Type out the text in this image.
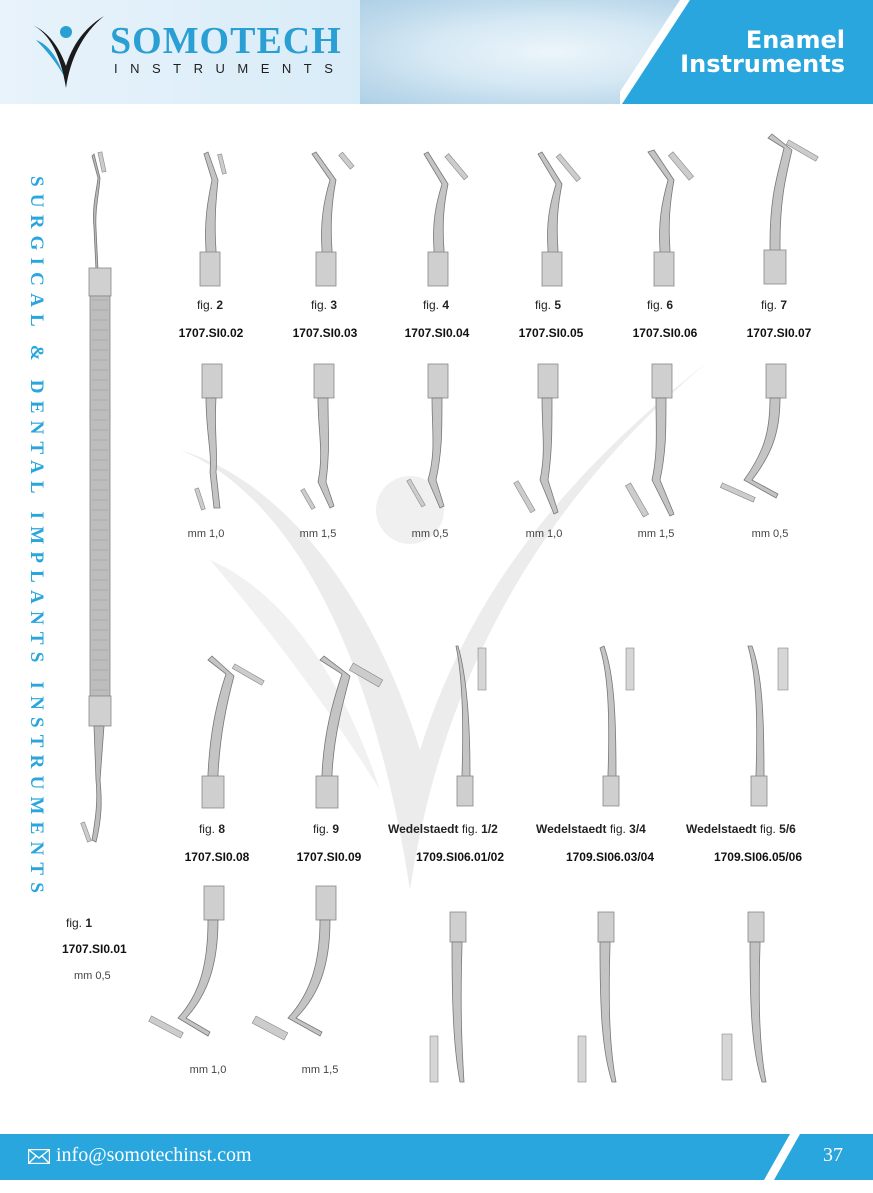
SOMOTECH
INSTRUMENTS
Enamel
Instruments
SURGICAL & DENTAL IMPLANTS INSTRUMENTS
fig. 1
1707.SI0.01
mm 0,5
fig. 2	fig. 3	fig. 4	fig. 5	fig. 6	fig. 7
1707.SI0.02	1707.SI0.03	1707.SI0.04	1707.SI0.05	1707.SI0.06	1707.SI0.07
mm 1,0	mm 1,5	mm 0,5	mm 1,0	mm 1,5	mm 0,5
fig. 8	fig. 9
1707.SI0.08	1707.SI0.09
Wedelstaedt fig. 1/2	Wedelstaedt fig. 3/4	Wedelstaedt fig. 5/6
1709.SI06.01/02	1709.SI06.03/04	1709.SI06.05/06
mm 1,0	mm 1,5
info@somotechinst.com	37
